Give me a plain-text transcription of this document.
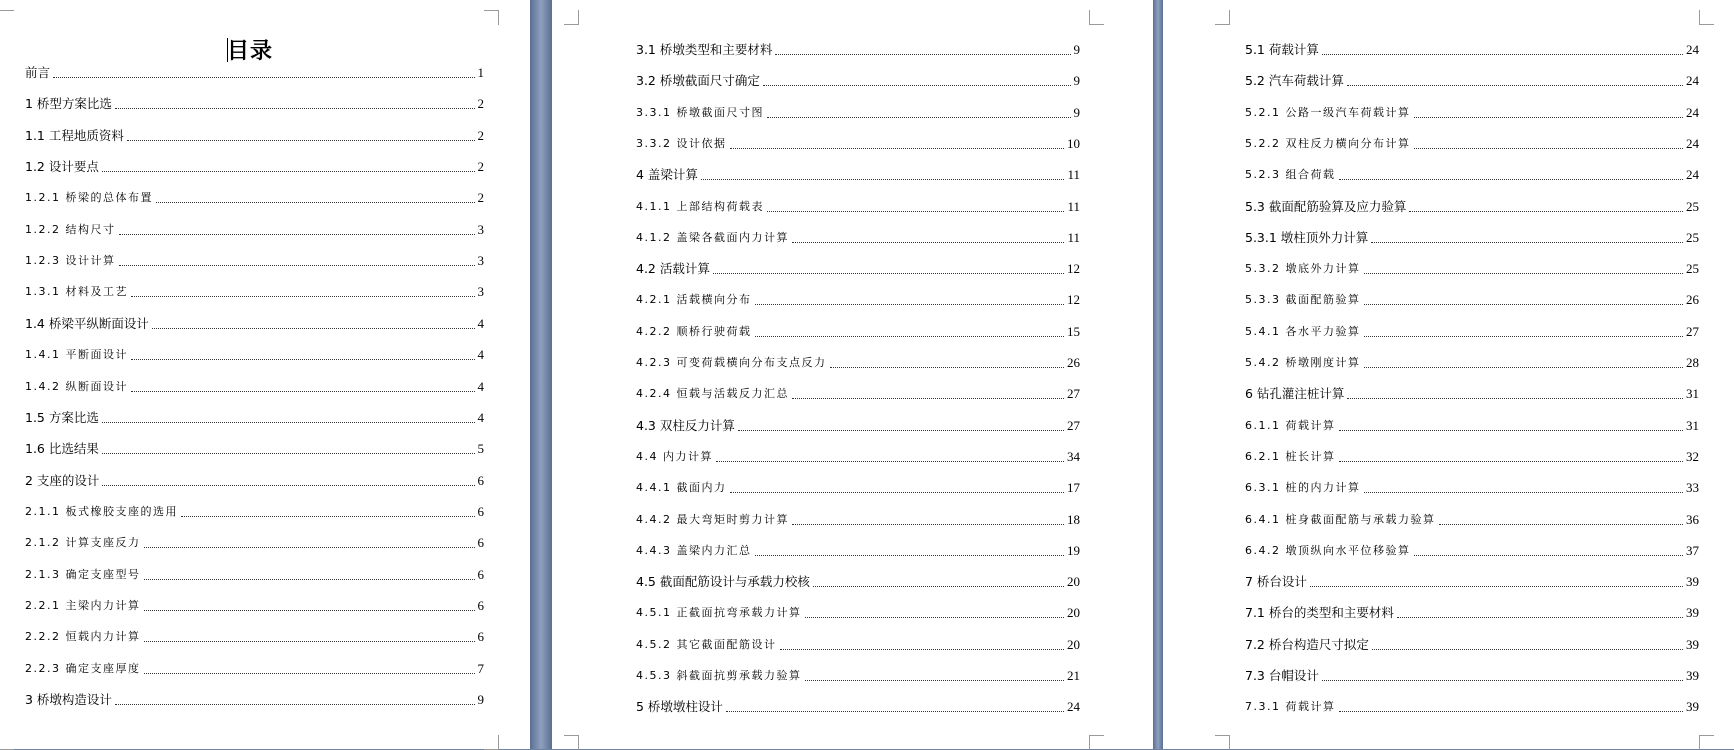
目录
前言	1
1 桥型方案比选	2
1.1 工程地质资料	2
1.2 设计要点	2
1.2.1 桥梁的总体布置	2
1.2.2 结构尺寸	3
1.2.3 设计计算	3
1.3.1 材料及工艺	3
1.4 桥梁平纵断面设计	4
1.4.1 平断面设计	4
1.4.2 纵断面设计	4
1.5 方案比选	4
1.6 比选结果	5
2 支座的设计	6
2.1.1 板式橡胶支座的选用	6
2.1.2 计算支座反力	6
2.1.3 确定支座型号	6
2.2.1 主梁内力计算	6
2.2.2 恒载内力计算	6
2.2.3 确定支座厚度	7
3 桥墩构造设计	9
3.1 桥墩类型和主要材料	9
3.2 桥墩截面尺寸确定	9
3.3.1 桥墩截面尺寸图	9
3.3.2 设计依据	10
4 盖梁计算	11
4.1.1 上部结构荷载表	11
4.1.2 盖梁各截面内力计算	11
4.2 活载计算	12
4.2.1 活载横向分布	12
4.2.2 顺桥行驶荷载	15
4.2.3 可变荷载横向分布支点反力	26
4.2.4 恒载与活载反力汇总	27
4.3 双柱反力计算	27
4.4 内力计算	34
4.4.1 截面内力	17
4.4.2 最大弯矩时剪力计算	18
4.4.3 盖梁内力汇总	19
4.5 截面配筋设计与承载力校核	20
4.5.1 正截面抗弯承载力计算	20
4.5.2 其它截面配筋设计	20
4.5.3 斜截面抗剪承载力验算	21
5 桥墩墩柱设计	24
5.1 荷载计算	24
5.2 汽车荷载计算	24
5.2.1 公路一级汽车荷载计算	24
5.2.2 双柱反力横向分布计算	24
5.2.3 组合荷载	24
5.3 截面配筋验算及应力验算	25
5.3.1 墩柱顶外力计算	25
5.3.2 墩底外力计算	25
5.3.3 截面配筋验算	26
5.4.1 各水平力验算	27
5.4.2 桥墩刚度计算	28
6 钻孔灌注桩计算	31
6.1.1 荷载计算	31
6.2.1 桩长计算	32
6.3.1 桩的内力计算	33
6.4.1 桩身截面配筋与承载力验算	36
6.4.2 墩顶纵向水平位移验算	37
7 桥台设计	39
7.1 桥台的类型和主要材料	39
7.2 桥台构造尺寸拟定	39
7.3 台帽设计	39
7.3.1 荷载计算	39
